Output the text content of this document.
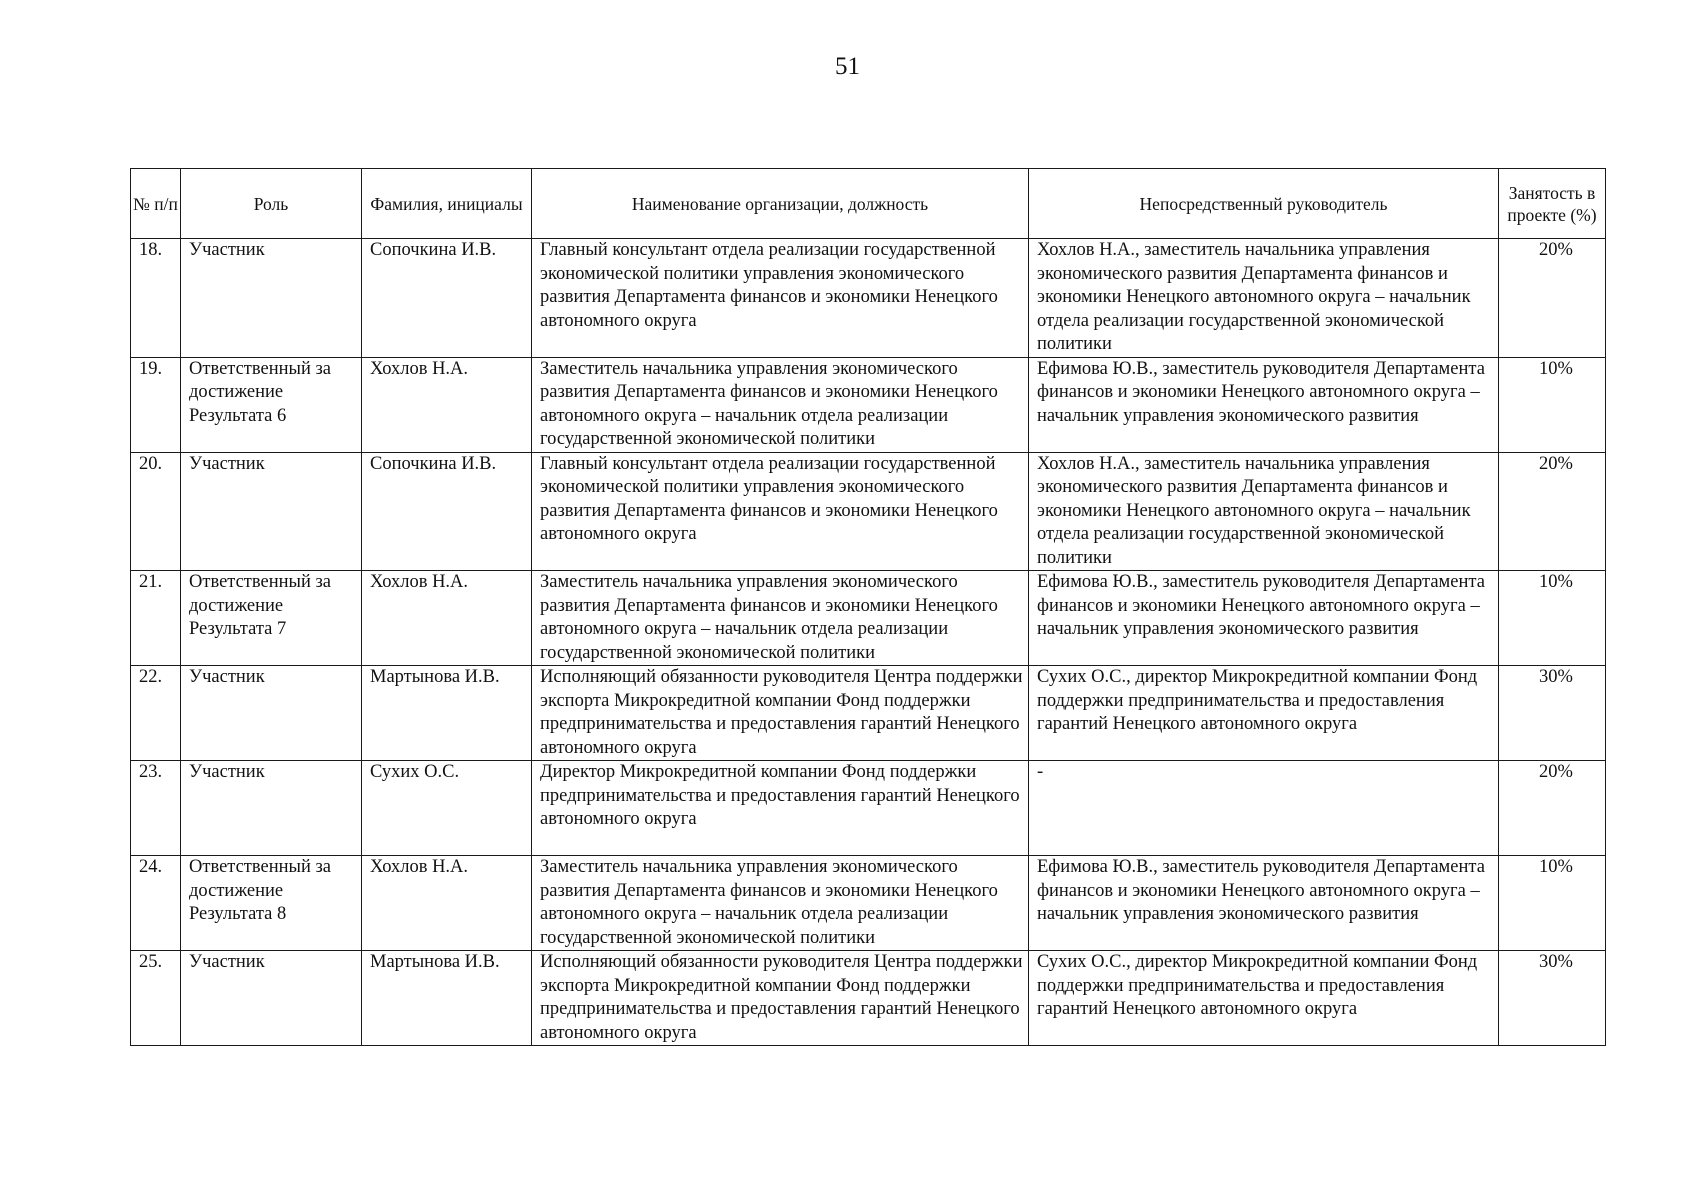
51
№ п/п	Роль	Фамилия, инициалы	Наименование организации, должность	Непосредственный руководитель	Занятость в проекте (%)
18.	Участник	Сопочкина И.В.	Главный консультант отдела реализации государственной экономической политики управления экономического развития Департамента финансов и экономики Ненецкого автономного округа	Хохлов Н.А., заместитель начальника управления экономического развития Департамента финансов и экономики Ненецкого автономного округа – начальник отдела реализации государственной экономической политики	20%
19.	Ответственный за достижение Результата 6	Хохлов Н.А.	Заместитель начальника управления экономического развития Департамента финансов и экономики Ненецкого автономного округа – начальник отдела реализации государственной экономической политики	Ефимова Ю.В., заместитель руководителя Департамента финансов и экономики Ненецкого автономного округа – начальник управления экономического развития	10%
20.	Участник	Сопочкина И.В.	Главный консультант отдела реализации государственной экономической политики управления экономического развития Департамента финансов и экономики Ненецкого автономного округа	Хохлов Н.А., заместитель начальника управления экономического развития Департамента финансов и экономики Ненецкого автономного округа – начальник отдела реализации государственной экономической политики	20%
21.	Ответственный за достижение Результата 7	Хохлов Н.А.	Заместитель начальника управления экономического развития Департамента финансов и экономики Ненецкого автономного округа – начальник отдела реализации государственной экономической политики	Ефимова Ю.В., заместитель руководителя Департамента финансов и экономики Ненецкого автономного округа – начальник управления экономического развития	10%
22.	Участник	Мартынова И.В.	Исполняющий обязанности руководителя Центра поддержки экспорта Микрокредитной компании Фонд поддержки предпринимательства и предоставления гарантий Ненецкого автономного округа	Сухих О.С., директор Микрокредитной компании Фонд поддержки предпринимательства и предоставления гарантий Ненецкого автономного округа	30%
23.	Участник	Сухих О.С.	Директор Микрокредитной компании Фонд поддержки предпринимательства и предоставления гарантий Ненецкого автономного округа	-	20%
24.	Ответственный за достижение Результата 8	Хохлов Н.А.	Заместитель начальника управления экономического развития Департамента финансов и экономики Ненецкого автономного округа – начальник отдела реализации государственной экономической политики	Ефимова Ю.В., заместитель руководителя Департамента финансов и экономики Ненецкого автономного округа – начальник управления экономического развития	10%
25.	Участник	Мартынова И.В.	Исполняющий обязанности руководителя Центра поддержки экспорта Микрокредитной компании Фонд поддержки предпринимательства и предоставления гарантий Ненецкого автономного округа	Сухих О.С., директор Микрокредитной компании Фонд поддержки предпринимательства и предоставления гарантий Ненецкого автономного округа	30%
